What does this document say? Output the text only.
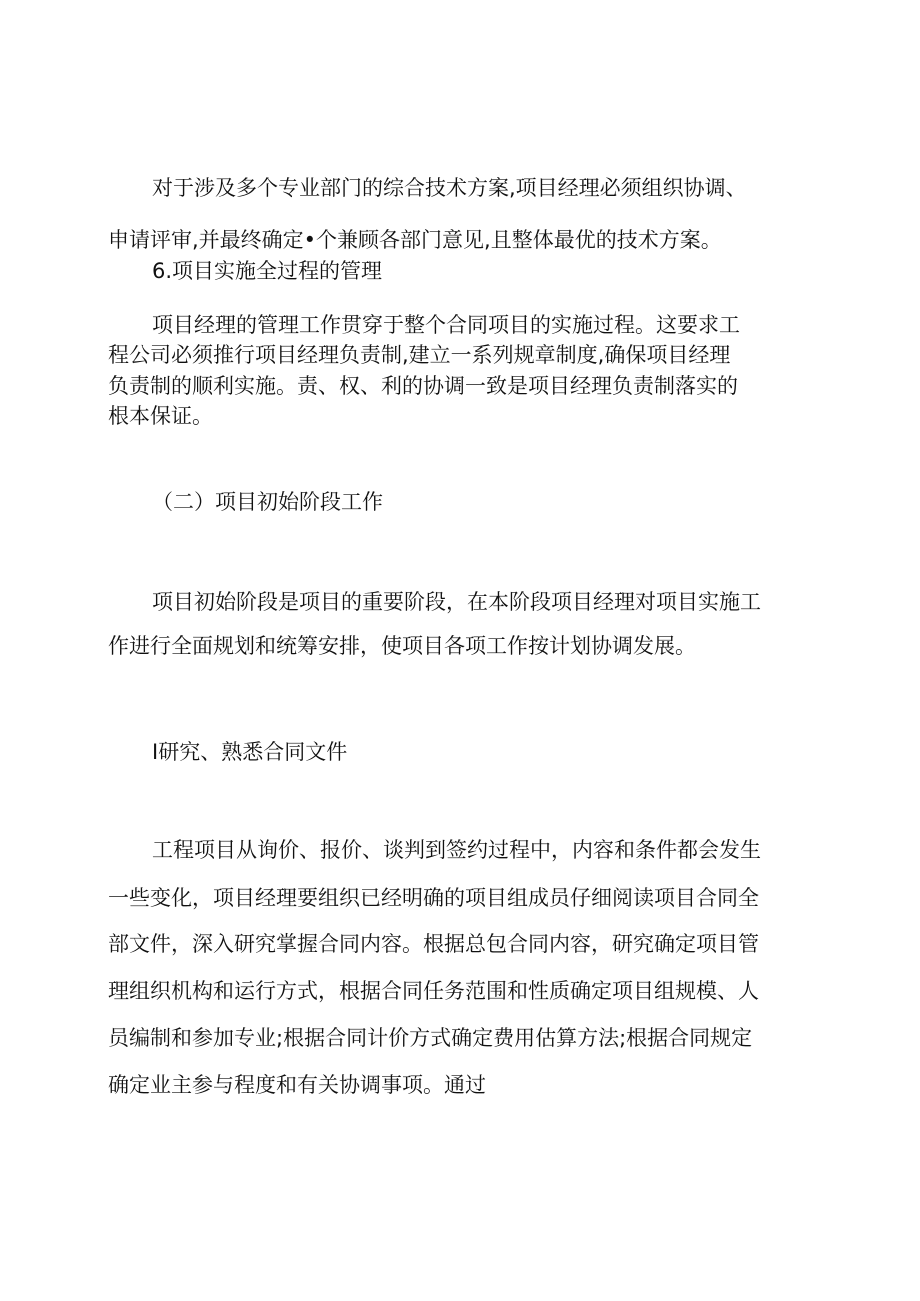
对于涉及多个专业部门的综合技术方案,项目经理必须组织协调、
申请评审,并最终确定•个兼顾各部门意见,且整体最优的技术方案。
6.项目实施全过程的管理
项目经理的管理工作贯穿于整个合同项目的实施过程。这要求工
程公司必须推行项目经理负责制,建立一系列规章制度,确保项目经理
负责制的顺利实施。责、权、利的协调一致是项目经理负责制落实的
根本保证。
（二）项目初始阶段工作
项目初始阶段是项目的重要阶段，在本阶段项目经理对项目实施工
作进行全面规划和统筹安排，使项目各项工作按计划协调发展。
I研究、熟悉合同文件
工程项目从询价、报价、谈判到签约过程中，内容和条件都会发生
一些变化，项目经理要组织已经明确的项目组成员仔细阅读项目合同全
部文件，深入研究掌握合同内容。根据总包合同内容，研究确定项目管
理组织机构和运行方式，根据合同任务范围和性质确定项目组规模、人
员编制和参加专业;根据合同计价方式确定费用估算方法;根据合同规定
确定业主参与程度和有关协调事项。通过
